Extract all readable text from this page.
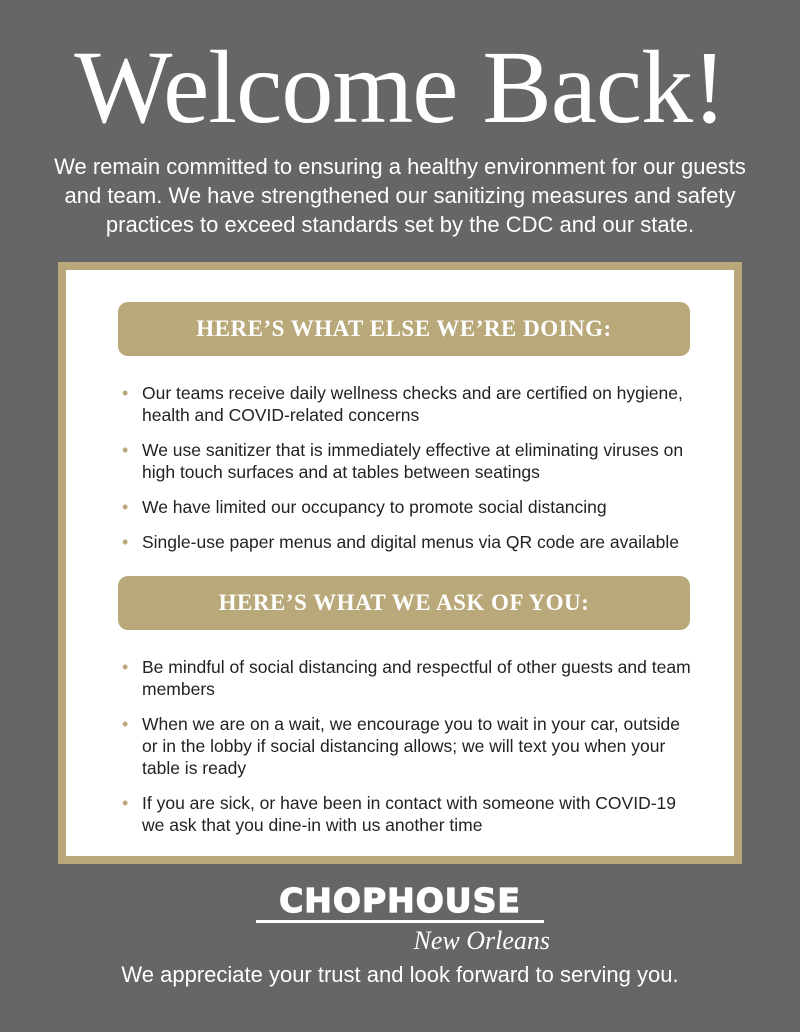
Welcome Back!
We remain committed to ensuring a healthy environment for our guests and team. We have strengthened our sanitizing measures and safety practices to exceed standards set by the CDC and our state.
HERE’S WHAT ELSE WE’RE DOING:
• Our teams receive daily wellness checks and are certified on hygiene, health and COVID-related concerns
• We use sanitizer that is immediately effective at eliminating viruses on high touch surfaces and at tables between seatings
• We have limited our occupancy to promote social distancing
• Single-use paper menus and digital menus via QR code are available
HERE’S WHAT WE ASK OF YOU:
• Be mindful of social distancing and respectful of other guests and team members
• When we are on a wait, we encourage you to wait in your car, outside or in the lobby if social distancing allows; we will text you when your table is ready
• If you are sick, or have been in contact with someone with COVID-19 we ask that you dine-in with us another time
CHOPHOUSE
New Orleans
We appreciate your trust and look forward to serving you.
